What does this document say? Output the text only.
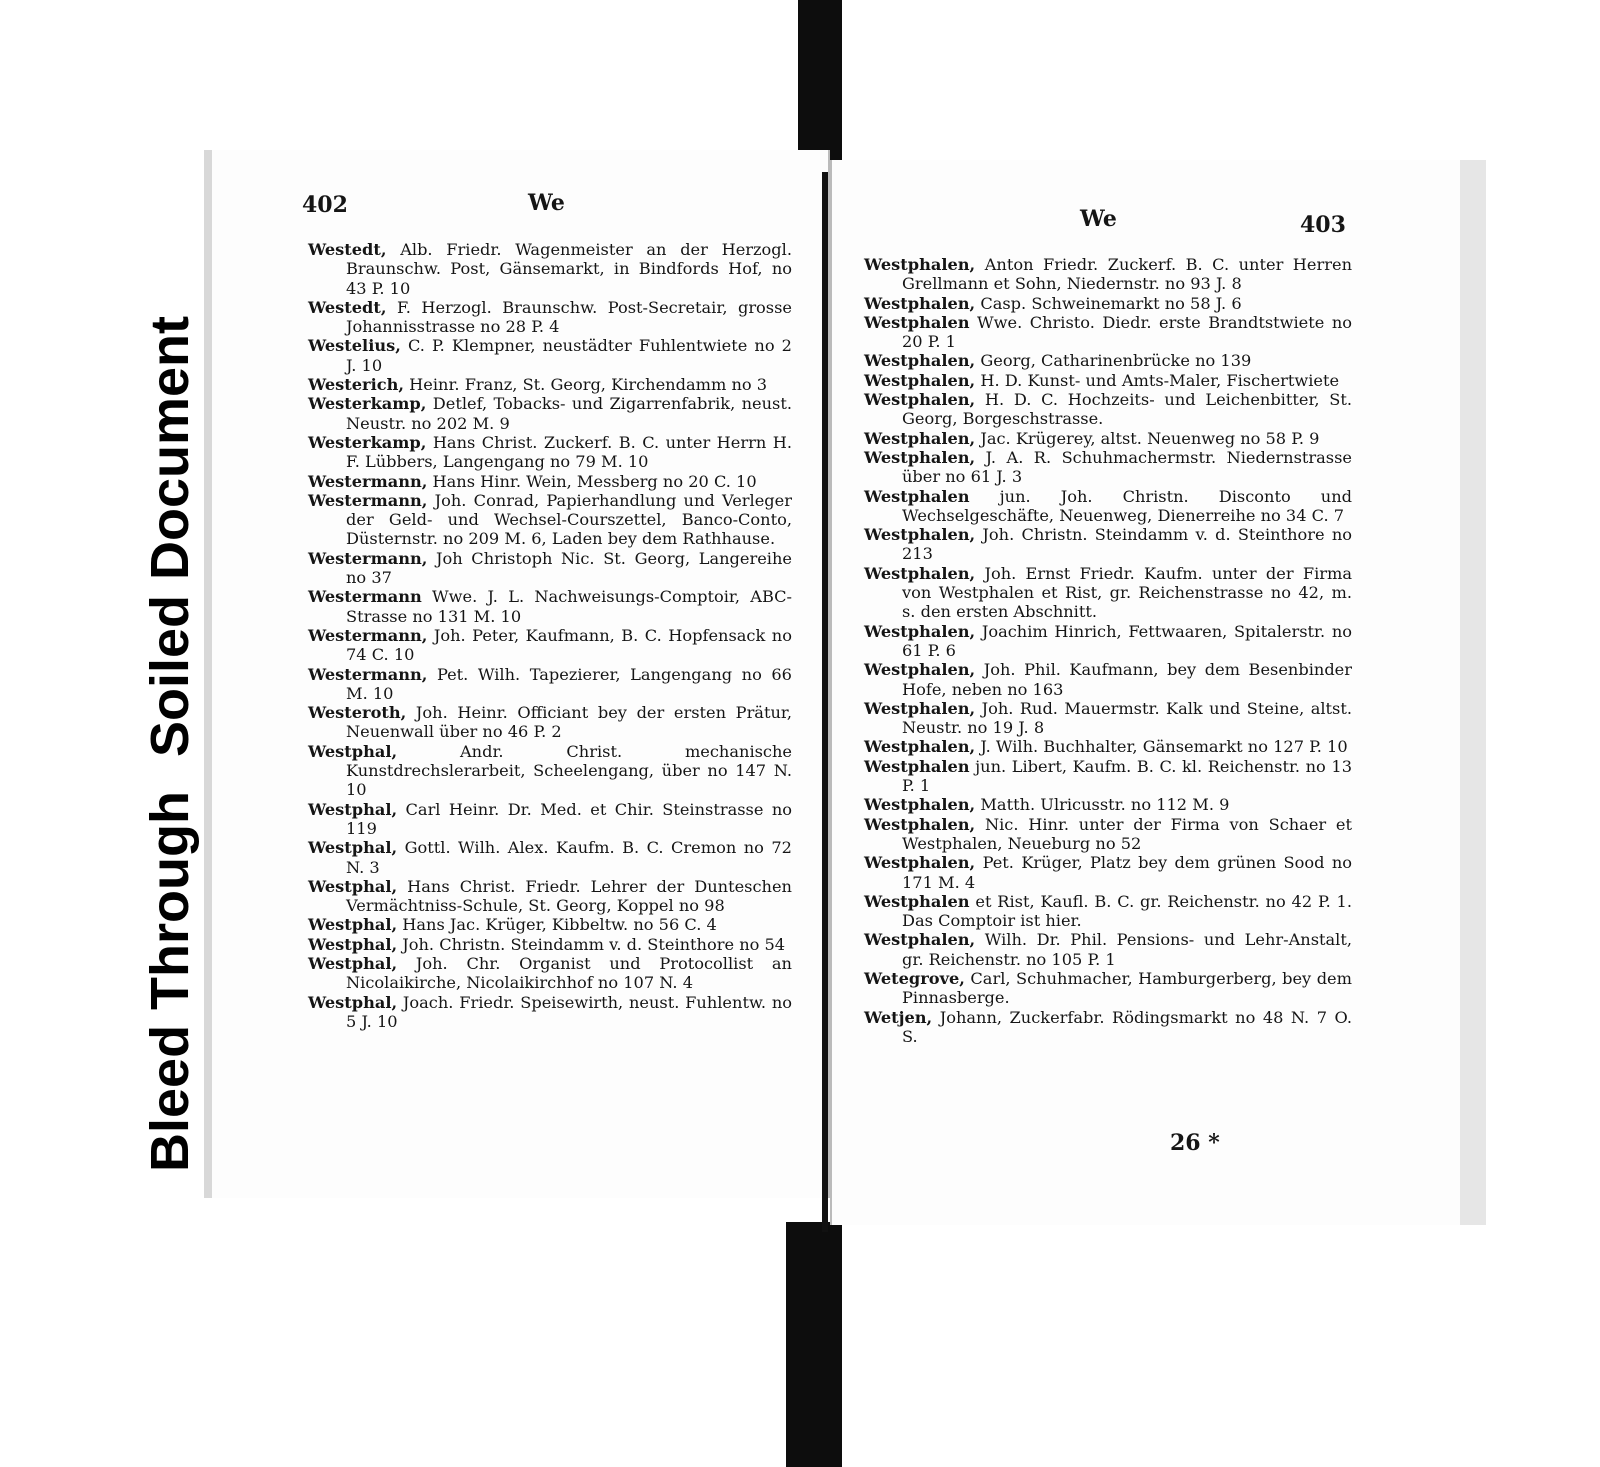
Bleed ThroughSoiled Document
402	We

Westedt, Alb. Friedr. Wagenmeister an der Herzogl. Braunschw. Post, Gänsemarkt, in Bindfords Hof, no 43 P. 10

Westedt, F. Herzogl. Braunschw. Post-Secretair, grosse Johannisstrasse no 28 P. 4

Westelius, C. P. Klempner, neustädter Fuhlentwiete no 2 J. 10

Westerich, Heinr. Franz, St. Georg, Kirchendamm no 3

Westerkamp, Detlef, Tobacks- und Zigarrenfabrik, neust. Neustr. no 202 M. 9

Westerkamp, Hans Christ. Zuckerf. B. C. unter Herrn H. F. Lübbers, Langengang no 79 M. 10

Westermann, Hans Hinr. Wein, Messberg no 20 C. 10

Westermann, Joh. Conrad, Papierhandlung und Verleger der Geld- und Wechsel-Courszettel, Banco-Conto, Düsternstr. no 209 M. 6, Laden bey dem Rathhause.

Westermann, Joh Christoph Nic. St. Georg, Langereihe no 37

Westermann Wwe. J. L. Nachweisungs-Comptoir, ABC-Strasse no 131 M. 10

Westermann, Joh. Peter, Kaufmann, B. C. Hopfensack no 74 C. 10

Westermann, Pet. Wilh. Tapezierer, Langengang no 66 M. 10

Westeroth, Joh. Heinr. Officiant bey der ersten Prätur, Neuenwall über no 46 P. 2

Westphal,	Andr. Christ. mechanische Kunstdrechslerarbeit, Scheelengang, über no 147 N. 10

Westphal, Carl Heinr. Dr. Med. et Chir. Steinstrasse no 119

Westphal, Gottl. Wilh. Alex. Kaufm. B. C. Cremon no 72 N. 3

Westphal, Hans Christ. Friedr. Lehrer der Dunteschen Vermächtniss-Schule, St. Georg, Koppel no 98

Westphal, Hans Jac. Krüger, Kibbeltw. no 56 C. 4

Westphal, Joh. Christn. Steindamm v. d. Steinthore no 54

Westphal, Joh. Chr. Organist und Protocollist an Nicolaikirche, Nicolaikirchhof no 107 N. 4

Westphal, Joach. Friedr. Speisewirth, neust. Fuhlentw. no 5 J. 10

We	403

Westphalen, Anton Friedr. Zuckerf. B. C. unter Herren Grellmann et Sohn, Niedernstr. no 93 J. 8

Westphalen, Casp. Schweinemarkt no 58 J. 6

Westphalen Wwe. Christo. Diedr. erste Brandtstwiete no 20 P. 1

Westphalen, Georg, Catharinenbrücke no 139

Westphalen, H. D. Kunst- und Amts-Maler, Fischertwiete

Westphalen, H. D. C. Hochzeits- und Leichenbitter, St. Georg, Borgeschstrasse.

Westphalen, Jac. Krügerey, altst. Neuenweg no 58 P. 9

Westphalen, J. A. R. Schuhmachermstr. Niedernstrasse über no 61 J. 3

Westphalen jun. Joh. Christn. Disconto und Wechselgeschäfte, Neuenweg, Dienerreihe no 34 C. 7

Westphalen, Joh. Christn. Steindamm v. d. Steinthore no 213

Westphalen, Joh. Ernst Friedr. Kaufm. unter der Firma von Westphalen et Rist, gr. Reichenstrasse no 42, m. s. den ersten Abschnitt.

Westphalen, Joachim Hinrich, Fettwaaren, Spitalerstr. no 61 P. 6

Westphalen, Joh. Phil. Kaufmann, bey dem Besenbinder Hofe, neben no 163

Westphalen, Joh. Rud. Mauermstr. Kalk und Steine, altst. Neustr. no 19 J. 8

Westphalen, J. Wilh. Buchhalter, Gänsemarkt no 127 P. 10

Westphalen jun. Libert, Kaufm. B. C. kl. Reichenstr. no 13 P. 1

Westphalen, Matth. Ulricusstr. no 112 M. 9

Westphalen, Nic. Hinr. unter der Firma von Schaer et Westphalen, Neueburg no 52

Westphalen, Pet. Krüger, Platz bey dem grünen Sood no 171 M. 4

Westphalen et Rist, Kaufl. B. C. gr. Reichenstr. no 42 P. 1. Das Comptoir ist hier.

Westphalen, Wilh. Dr. Phil. Pensions- und Lehr-Anstalt, gr. Reichenstr. no 105 P. 1

Wetegrove, Carl, Schuhmacher, Hamburgerberg, bey dem Pinnasberge.

Wetjen, Johann, Zuckerfabr. Rödingsmarkt no 48 N. 7 O. S.

26 *
